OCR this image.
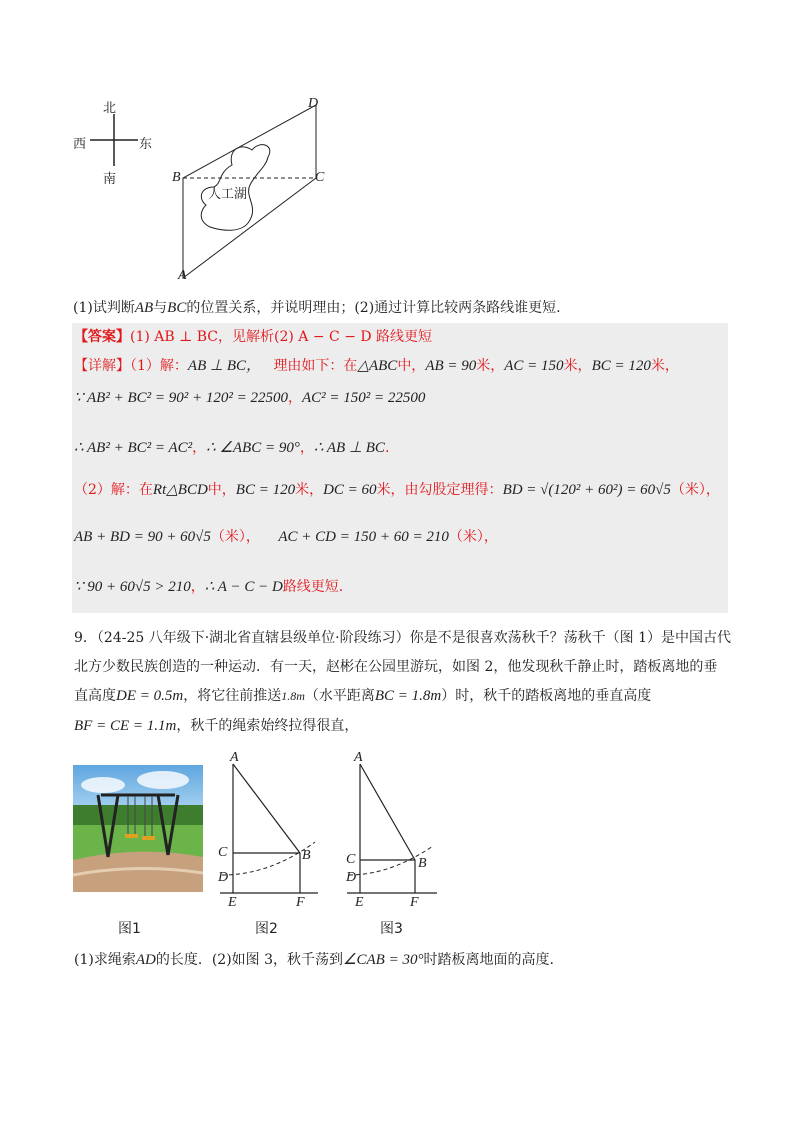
北
南
西	东
A
B	C
D
人工湖
(1)试判断AB与BC的位置关系，并说明理由；(2)通过计算比较两条路线谁更短.
【答案】(1) AB ⊥ BC，见解析(2) A − C − D 路线更短
【详解】（1）解：AB ⊥ BC， 理由如下：在△ABC中，AB = 90米，AC = 150米，BC = 120米，
∵ AB² + BC² = 90² + 120² = 22500，AC² = 150² = 22500
∴ AB² + BC² = AC²，∴ ∠ABC = 90°，∴ AB ⊥ BC.
（2）解：在Rt△BCD中，BC = 120米，DC = 60米，由勾股定理得：BD = √(120² + 60²) = 60√5（米），
AB + BD = 90 + 60√5（米）， AC + CD = 150 + 60 = 210（米），
∵ 90 + 60√5 > 210，∴ A − C − D路线更短.
9．（24-25 八年级下·湖北省直辖县级单位·阶段练习）你是不是很喜欢荡秋千？荡秋千（图 1）是中国古代
北方少数民族创造的一种运动．有一天，赵彬在公园里游玩，如图 2，他发现秋千静止时，踏板离地的垂
直高度DE = 0.5m，将它往前推送1.8m（水平距离BC = 1.8m）时，秋千的踏板离地的垂直高度
BF = CE = 1.1m，秋千的绳索始终拉得很直，
图1
A
C	B
D
E	F
图2
A
C	B
D
E	F
图3
(1)求绳索AD的长度．(2)如图 3，秋千荡到∠CAB = 30°时踏板离地面的高度.
